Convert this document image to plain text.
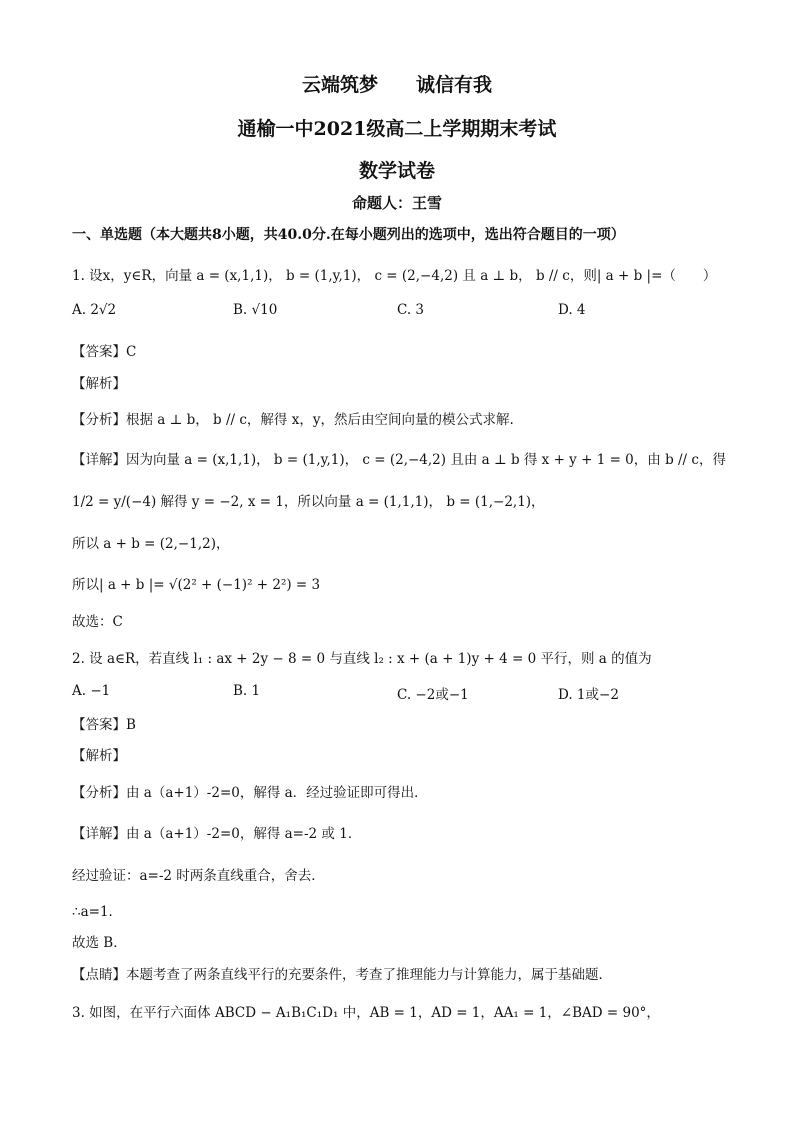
云端筑梦　　诚信有我
通榆一中2021级高二上学期期末考试
数学试卷
命题人：王雪
一、单选题（本大题共8小题，共40.0分.在每小题列出的选项中，选出符合题目的一项）
1. 设x，y∈R，向量 a = (x,1,1)， b = (1,y,1)， c = (2,−4,2) 且 a ⊥ b， b // c，则| a + b |=（　　）
A. 2√2	B. √10	C. 3	D. 4
【答案】C
【解析】
【分析】根据 a ⊥ b， b // c，解得 x，y，然后由空间向量的模公式求解.
【详解】因为向量 a = (x,1,1)， b = (1,y,1)， c = (2,−4,2) 且由 a ⊥ b 得 x + y + 1 = 0，由 b // c，得
1/2 = y/(−4) 解得 y = −2, x = 1，所以向量 a = (1,1,1)， b = (1,−2,1)，
所以 a + b = (2,−1,2)，
所以| a + b |= √(2² + (−1)² + 2²) = 3
故选：C
2. 设 a∈R，若直线 l₁ : ax + 2y − 8 = 0 与直线 l₂ : x + (a + 1)y + 4 = 0 平行，则 a 的值为
A. −1	B. 1	C. −2或−1	D. 1或−2
【答案】B
【解析】
【分析】由 a（a+1）-2=0，解得 a．经过验证即可得出．
【详解】由 a（a+1）-2=0，解得 a=-2 或 1．
经过验证：a=-2 时两条直线重合，舍去．
∴a=1．
故选 B．
【点睛】本题考查了两条直线平行的充要条件，考查了推理能力与计算能力，属于基础题．
3. 如图，在平行六面体 ABCD − A₁B₁C₁D₁ 中，AB = 1，AD = 1，AA₁ = 1，∠BAD = 90°，
